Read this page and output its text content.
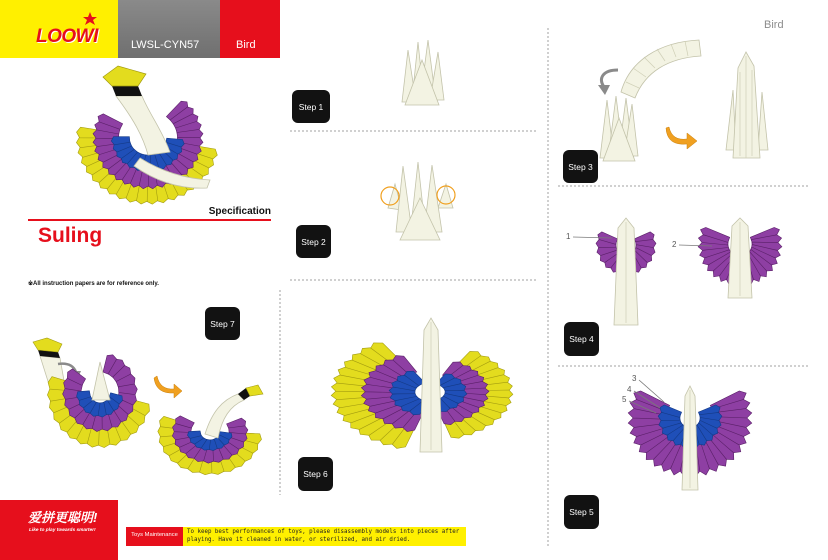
LOOWI	LWSL-CYN57	Bird
Bird
Specification
Suling
※All instruction papers are for reference only.
Step 1
Step 2
Step 3
Step 4
Step 5
Step 6
Step 7
1
2
3
4
5
爱拼更聪明!
Like to play towards smarter!
Toys Maintenance	To keep best performances of toys, please disassembly models into pieces after
playing. Have it cleaned in water, or sterilized, and air dried.
